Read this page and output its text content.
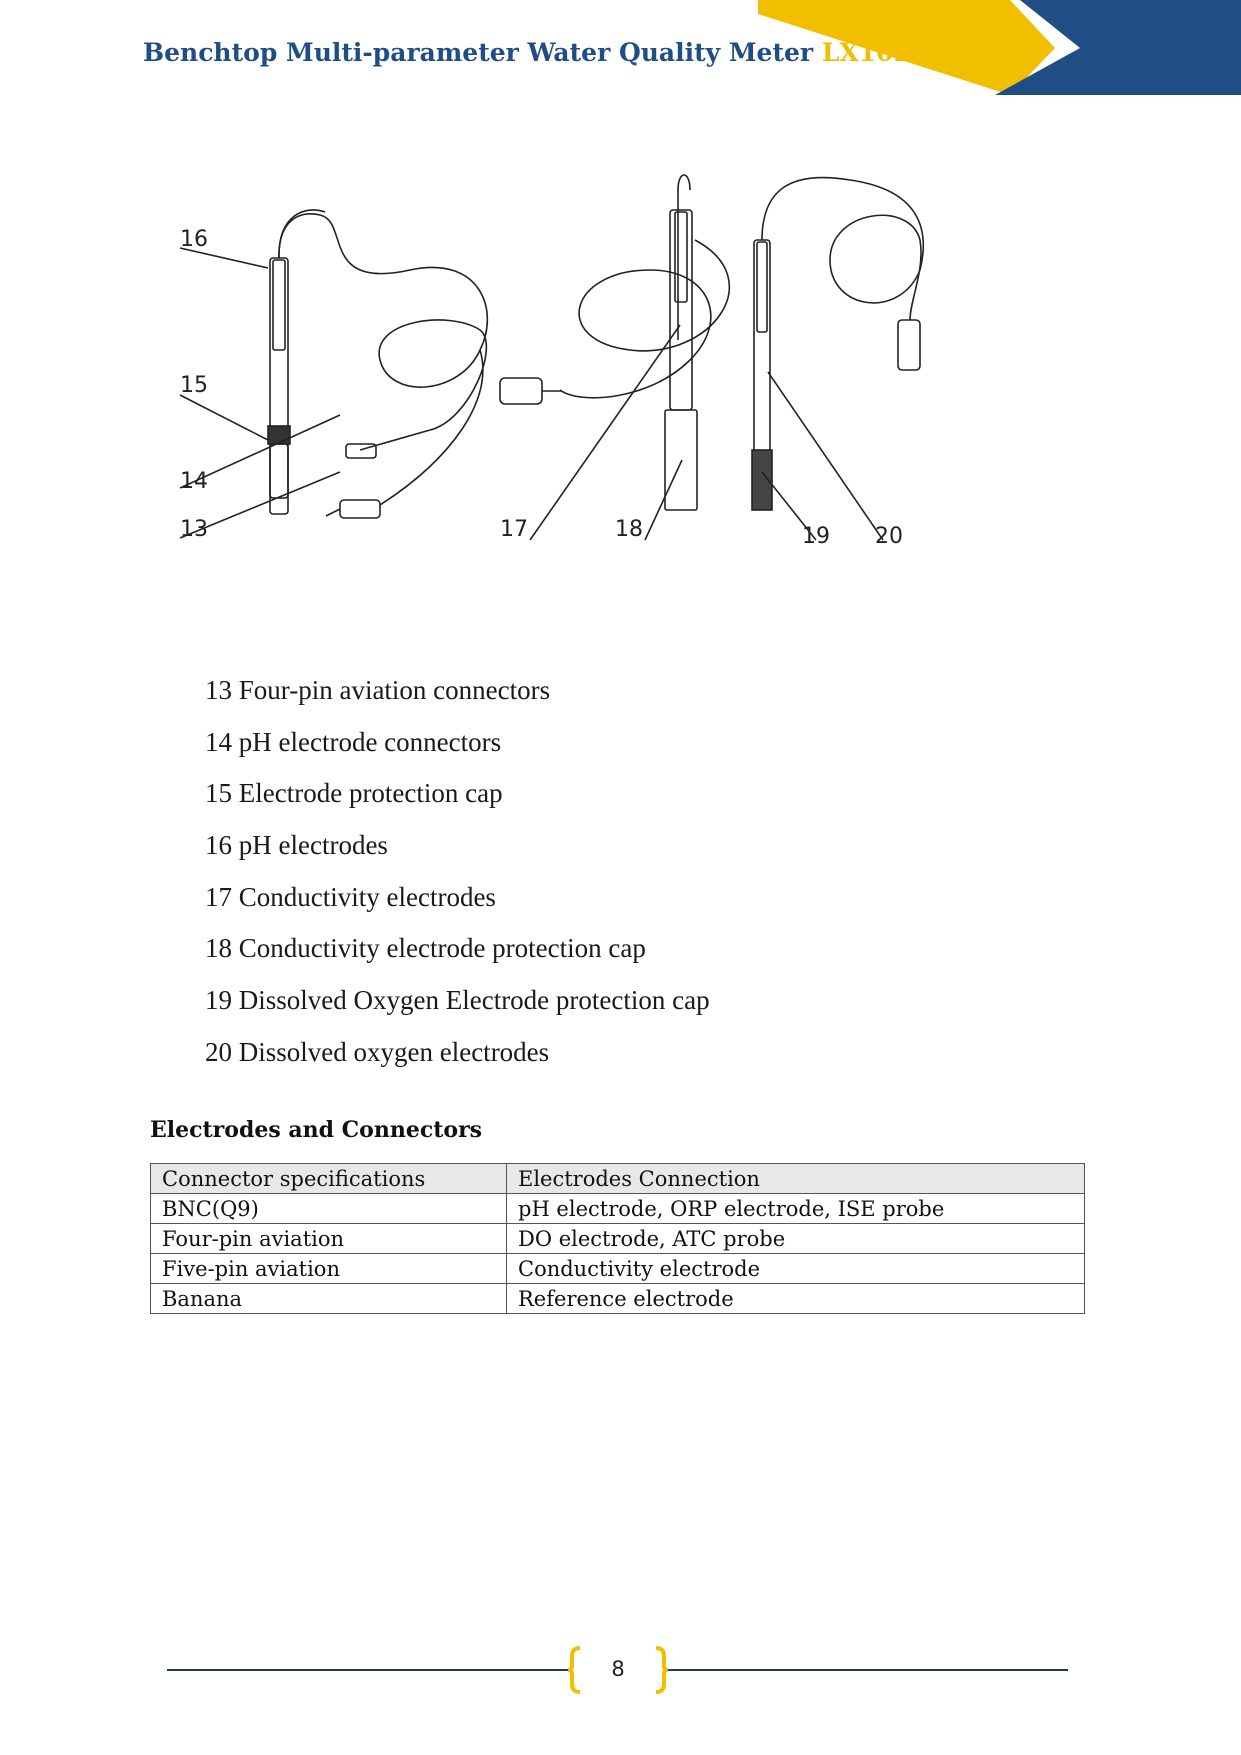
Benchtop Multi-parameter Water Quality Meter LX102MPWM
16
15
14
13	17	18	19 20
13 Four-pin aviation connectors
14 pH electrode connectors
15 Electrode protection cap
16 pH electrodes
17 Conductivity electrodes
18 Conductivity electrode protection cap
19 Dissolved Oxygen Electrode protection cap
20 Dissolved oxygen electrodes
Electrodes and Connectors
Connector specifications	Electrodes Connection
BNC(Q9)	pH electrode, ORP electrode, ISE probe
Four-pin aviation	DO electrode, ATC probe
Five-pin aviation	Conductivity electrode
Banana	Reference electrode
8
